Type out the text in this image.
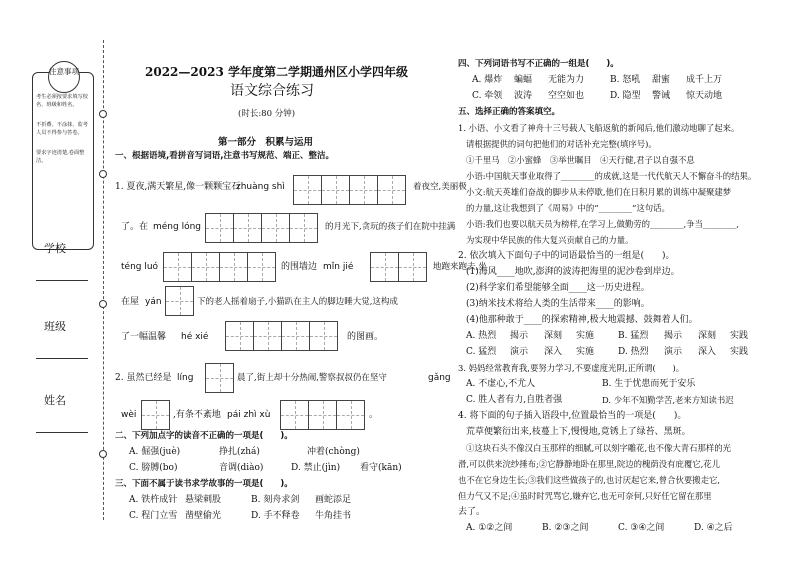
注意事项
考生必须按要求填写校名、班级和姓名。
不折叠、不涂抹、监考人员不得参与答卷。
要求字迹清楚,卷面整洁。
学校
班级
姓名
2022—2023 学年度第二学期通州区小学四年级
语文综合练习
(时长:80 分钟)
第一部分　积累与运用
一、根据语境,看拼音写词语,注意书写规范、端正、整洁。
1. 夏夜,满天繁星,像一颗颗宝石
zhuàng shì	着夜空,美丽极
了。在 méng lóng	的月光下,贪玩的孩子们在院中挂满
téng luó	的围墙边 mǐn jié	地跑来跑去,坐
在屋 yán	下的老人摇着扇子,小猫趴在主人的脚边睡大觉,这构成
了一幅温馨 hé xié	的图画。
2. 虽然已经是 líng	晨了,街上却十分热闹,警察叔叔仍在坚守	gǎng
wèi	,有条不紊地 pái zhì xù	。
二、下列加点字的读音不正确的一项是(　　)。
A. 倔强(juè)	挣扎(zhá)	冲着(chòng)
C. 膀膊(bo)	音调(diào)	D. 禁止(jìn) 看守(kān)
三、下面不属于读书求学故事的一项是(　　)。
A. 铁杵成针 悬梁刺股	B. 刻舟求剑 画蛇添足
C. 程门立雪 凿壁偷光	D. 手不释卷 牛角挂书
四、下列词语书写不正确的一组是(　　)。
A. 爆炸 蝙蝠 无能为力	B. 怒吼 甜蜜 成千上万
C. 牵领 波涛 空空如也	D. 隐型 警诫 惊天动地
五、选择正确的答案填空。
1. 小语、小文看了神舟十三号载人飞船返航的新闻后,他们激动地聊了起来。
请根据提供的词句把他们的对话补充完整(填序号)。
①千里马　②小蜜蜂　③举世瞩目　④天行健,君子以自强不息
小语:中国航天事业取得了________的成就,这是一代代航天人不懈奋斗的结果。
小文:航天英雄们奋战的脚步从未停歇,他们在日积月累的训练中凝聚建梦
的力量,这让我想到了《周易》中的“________”这句话。
小语:我们也要以航天员为榜样,在学习上,做勤劳的________,争当________,
为实现中华民族的伟大复兴贡献自己的力量。
2. 依次填入下面句子中的词语最恰当的一组是(　　)。
(1)海风____地吹,澎湃的波涛把海里的泥沙卷到岸边。
(2)科学家们希望能够全面____这一历史进程。
(3)纳米技术将给人类的生活带来____的影响。
(4)他那种敢于____的探索精神,极大地震撼、鼓舞着人们。
A. 热烈 揭示 深刻 实施	B. 猛烈 揭示 深刻 实践
C. 猛烈 演示 深入 实施	D. 热烈 演示 深入 实践
3. 妈妈经常教育我,要努力学习,不要虚度光阴,正所谓(　　)。
A. 不虚心,不尤人	B. 生于忧患而死于安乐
C. 胜人者有力,自胜者强	D. 少年不知勤学苦,老来方知读书迟
4. 将下面的句子插入语段中,位置最恰当的一项是(　　)。
荒草便繁衍出来,枝蔓上下,慢慢地,竟锈上了绿苔、黑斑。
①这块石头不像汉白玉那样的细腻,可以刻字雕花,也不像大青石那样的光
滑,可以供来浣纱捶布;②它静静地卧在那里,院边的槐荫没有庇覆它,花儿
也不在它身边生长;③我们这些做孩子的,也讨厌起它来,曾合伙要搬走它,
但力气又不足;④虽时时咒骂它,嫌弃它,也无可奈何,只好任它留在那里
去了。
A. ①②之间	B. ②③之间	C. ③④之间	D. ④之后
